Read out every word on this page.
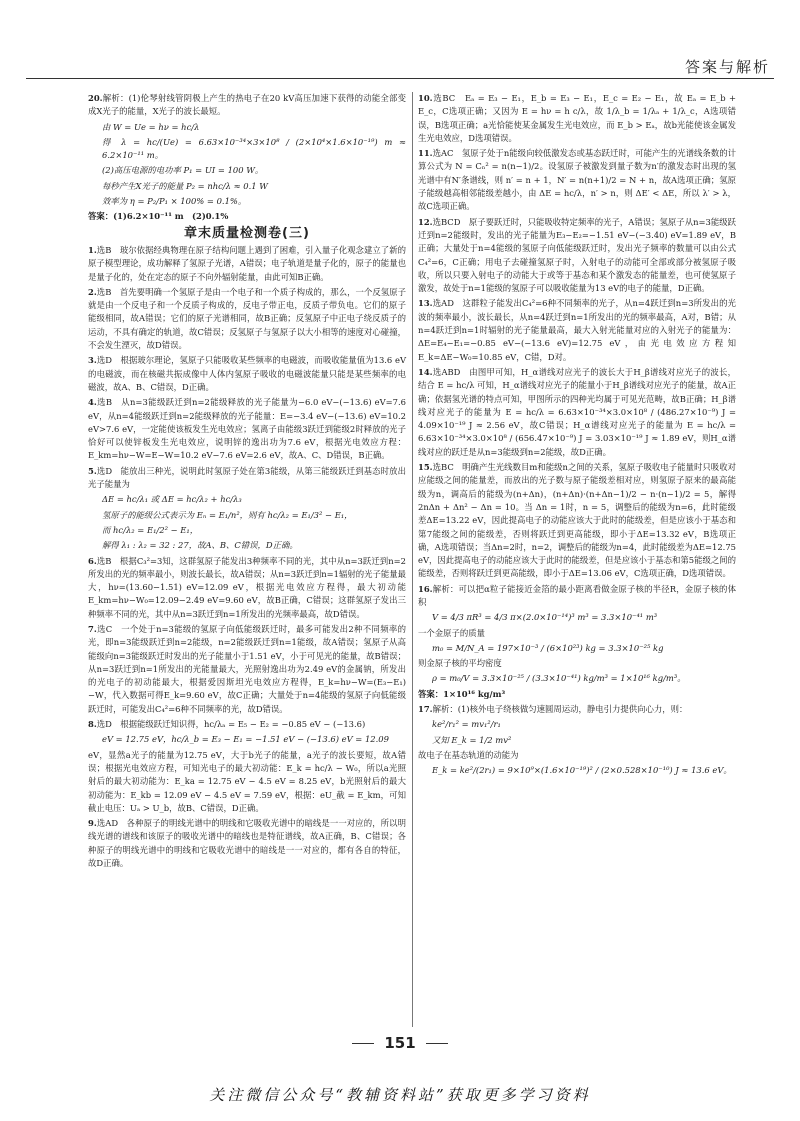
答案与解析

20.解析：(1)伦琴射线管阴极上产生的热电子在20 kV高压加速下获得的动能全部变成X光子的能量，X光子的波长最短。

由 W = Ue = hν = hc/λ

得 λ = hc/(Ue) = 6.63×10⁻³⁴×3×10⁸ / (2×10⁴×1.6×10⁻¹⁹) m ≈ 6.2×10⁻¹¹ m。

(2)高压电源的电功率 P₁ = UI = 100 W。

每秒产生X光子的能量 P₂ = nhc/λ ≈ 0.1 W

效率为 η = P₂/P₁ × 100% = 0.1%。

答案：(1)6.2×10⁻¹¹ m　(2)0.1%

章末质量检测卷(三)

1.选B　玻尔依据经典物理在原子结构问题上遇到了困难，引入量子化观念建立了新的原子模型理论，成功解释了氢原子光谱，A错误；电子轨道是量子化的，原子的能量也是量子化的，处在定态的原子不向外辐射能量，由此可知B正确。

2.选B　首先要明确一个氢原子是由一个电子和一个质子构成的，那么，一个反氢原子就是由一个反电子和一个反质子构成的，反电子带正电，反质子带负电。它们的原子能级相同，故A错误；它们的原子光谱相同，故B正确；反氢原子中正电子绕反质子的运动，不具有确定的轨道，故C错误；反氢原子与氢原子以大小相等的速度对心碰撞，不会发生湮灭，故D错误。

3.选D　根据玻尔理论，氢原子只能吸收某些频率的电磁波，而吸收能量值为13.6 eV的电磁波，而在核磁共振成像中人体内氢原子吸收的电磁波能量只能是某些频率的电磁波，故A、B、C错误，D正确。

4.选B　从n=3能级跃迁到n=2能级释放的光子能量为−6.0 eV−(−13.6) eV=7.6 eV，从n=4能级跃迁到n=2能级释放的光子能量：E=−3.4 eV−(−13.6) eV=10.2 eV>7.6 eV，一定能使该板发生光电效应；氢离子由能级3跃迁到能级2时释放的光子恰好可以使锌板发生光电效应，说明锌的逸出功为7.6 eV，根据光电效应方程：E_km=hν−W=E−W=10.2 eV−7.6 eV=2.6 eV，故A、C、D错误，B正确。

5.选D　能放出三种光，说明此时氢原子处在第3能级，从第三能级跃迁到基态时放出光子能量为

ΔE = hc/λ₁ 或 ΔE = hc/λ₂ + hc/λ₃

氢原子的能级公式表示为 Eₙ = E₁/n²，则有 hc/λ₂ = E₁/3² − E₁，

而 hc/λ₂ = E₁/2² − E₁，

解得 λ₁ : λ₂ = 32 : 27，故A、B、C错误，D正确。

6.选B　根据C₃²=3知，这群氢原子能发出3种频率不同的光，其中从n=3跃迁到n=2所发出的光的频率最小，则波长最长，故A错误；从n=3跃迁到n=1辐射的光子能量最大，hν=(13.60−1.51) eV=12.09 eV，根据光电效应方程得，最大初动能E_km=hν−W₀=12.09−2.49 eV=9.60 eV，故B正确，C错误；这群氢原子发出三种频率不同的光，其中从n=3跃迁到n=1所发出的光频率最高，故D错误。

7.选C　一个处于n=3能级的氢原子向低能级跃迁时，最多可能发出2种不同频率的光，即n=3能级跃迁到n=2能级，n=2能级跃迁到n=1能级，故A错误；氢原子从高能级向n=3能级跃迁时发出的光子能量小于1.51 eV，小于可见光的能量，故B错误；从n=3跃迁到n=1所发出的光能量最大，光照射逸出功为2.49 eV的金属钠，所发出的光电子的初动能最大，根据爱因斯坦光电效应方程得，E_k=hν−W=(E₃−E₁)−W，代入数据可得E_k=9.60 eV，故C正确；大量处于n=4能级的氢原子向低能级跃迁时，可能发出C₄²=6种不同频率的光，故D错误。

8.选D　根据能级跃迁知识得，hc/λₐ = E₅ − E₂ = −0.85 eV − (−13.6)

eV = 12.75 eV，hc/λ_b = E₃ − E₁ = −1.51 eV − (−13.6) eV = 12.09

eV，显然a光子的能量为12.75 eV，大于b光子的能量，a光子的波长要短，故A错误；根据光电效应方程，可知光电子的最大初动能：E_k = hc/λ − W₀，所以a光照射后的最大初动能为：E_ka = 12.75 eV − 4.5 eV = 8.25 eV，b光照射后的最大初动能为：E_kb = 12.09 eV − 4.5 eV = 7.59 eV，根据：eU_截 = E_km，可知截止电压：Uₐ > U_b，故B、C错误，D正确。

9.选AD　各种原子的明线光谱中的明线和它吸收光谱中的暗线是一一对应的，所以明线光谱的谱线和该原子的吸收光谱中的暗线也是特征谱线，故A正确，B、C错误；各种原子的明线光谱中的明线和它吸收光谱中的暗线是一一对应的，都有各自的特征，故D正确。

10.选BC　Eₐ = E₃ − E₁，E_b = E₃ − E₁，E_c = E₂ − E₁，故 Eₐ = E_b + E_c，C选项正确；又因为 E = hν = h c/λ，故 1/λ_b = 1/λₐ + 1/λ_c，A选项错误，B选项正确；a光恰能使某金属发生光电效应，而 E_b > Eₐ，故b光能使该金属发生光电效应，D选项错误。

11.选AC　氢原子处于n能级向较低激发态或基态跃迁时，可能产生的光谱线条数的计算公式为 N = Cₙ² = n(n−1)/2。设氢原子被激发到量子数为n′的激发态时出现的氢光谱中有N′条谱线，则 n′ = n + 1，N′ = n(n+1)/2 = N + n，故A选项正确；氢原子能级越高相邻能级差越小，由 ΔE = hc/λ，n′ > n，则 ΔE′ < ΔE，所以 λ′ > λ，故C选项正确。

12.选BCD　原子要跃迁时，只能吸收特定频率的光子，A错误；氢原子从n=3能级跃迁到n=2能级时，发出的光子能量为E₃−E₂=−1.51 eV−(−3.40) eV=1.89 eV，B正确；大量处于n=4能级的氢原子向低能级跃迁时，发出光子频率的数量可以由公式C₄²=6，C正确；用电子去碰撞氢原子时，入射电子的动能可全部或部分被氢原子吸收，所以只要入射电子的动能大于或等于基态和某个激发态的能量差，也可使氢原子激发，故处于n=1能级的氢原子可以吸收能量为13 eV的电子的能量，D正确。

13.选AD　这群粒子能发出C₄²=6种不同频率的光子，从n=4跃迁到n=3所发出的光波的频率最小，波长最长，从n=4跃迁到n=1所发出的光的频率最高，A对，B错；从n=4跃迁到n=1时辐射的光子能量最高，最大入射光能量对应的入射光子的能量为：ΔE=E₄−E₁=−0.85 eV−(−13.6 eV)=12.75 eV，由光电效应方程知 E_k=ΔE−W₀=10.85 eV，C错，D对。

14.选ABD　由图甲可知，H_α谱线对应光子的波长大于H_β谱线对应光子的波长，结合 E = hc/λ 可知，H_α谱线对应光子的能量小于H_β谱线对应光子的能量，故A正确；依据氢光谱的特点可知，甲图所示的四种光均属于可见光范畴，故B正确；H_β谱线对应光子的能量为 E = hc/λ = 6.63×10⁻³⁴×3.0×10⁸ / (486.27×10⁻⁹) J = 4.09×10⁻¹⁹ J ≈ 2.56 eV，故C错误；H_α谱线对应光子的能量为 E = hc/λ = 6.63×10⁻³⁴×3.0×10⁸ / (656.47×10⁻⁹) J = 3.03×10⁻¹⁹ J ≈ 1.89 eV，则H_α谱线对应的跃迁是从n=3能级到n=2能级，故D正确。

15.选BC　明确产生光线数目m和能级n之间的关系，氢原子吸收电子能量时只吸收对应能级之间的能量差，而放出的光子数与原子能级差相对应，则氢原子原来的最高能级为n，调高后的能级为(n+Δn)，(n+Δn)·(n+Δn−1)/2 − n·(n−1)/2 = 5，解得 2nΔn + Δn² − Δn = 10。当 Δn = 1时，n = 5，调整后的能级为n=6，此时能级差ΔE=13.22 eV，因此提高电子的动能应该大于此时的能级差，但是应该小于基态和第7能级之间的能级差，否则将跃迁到更高能级，即小于ΔE=13.32 eV，B选项正确，A选项错误；当Δn=2时，n=2，调整后的能级为n=4，此时能级差为ΔE=12.75 eV，因此提高电子的动能应该大于此时的能级差，但是应该小于基态和第5能级之间的能级差，否则将跃迁到更高能级，即小于ΔE=13.06 eV，C选项正确，D选项错误。

16.解析：可以把α粒子能接近金箔的最小距离看做金原子核的半径R，金原子核的体积

V = 4/3 πR³ = 4/3 π×(2.0×10⁻¹⁴)³ m³ = 3.3×10⁻⁴¹ m³

一个金原子的质量

m₀ = M/N_A = 197×10⁻³ / (6×10²³) kg = 3.3×10⁻²⁵ kg

则金原子核的平均密度

ρ = m₀/V = 3.3×10⁻²⁵ / (3.3×10⁻⁴¹) kg/m³ = 1×10¹⁶ kg/m³。

答案：1×10¹⁶ kg/m³

17.解析：(1)核外电子绕核做匀速圆周运动，静电引力提供向心力，则：

ke²/r₁² = mv₁²/r₁

又知 E_k = 1/2 mv²

故电子在基态轨道的动能为

E_k = ke²/(2r₁) = 9×10⁹×(1.6×10⁻¹⁹)² / (2×0.528×10⁻¹⁰) J ≈ 13.6 eV。

151
关注微信公众号“教辅资料站”获取更多学习资料
